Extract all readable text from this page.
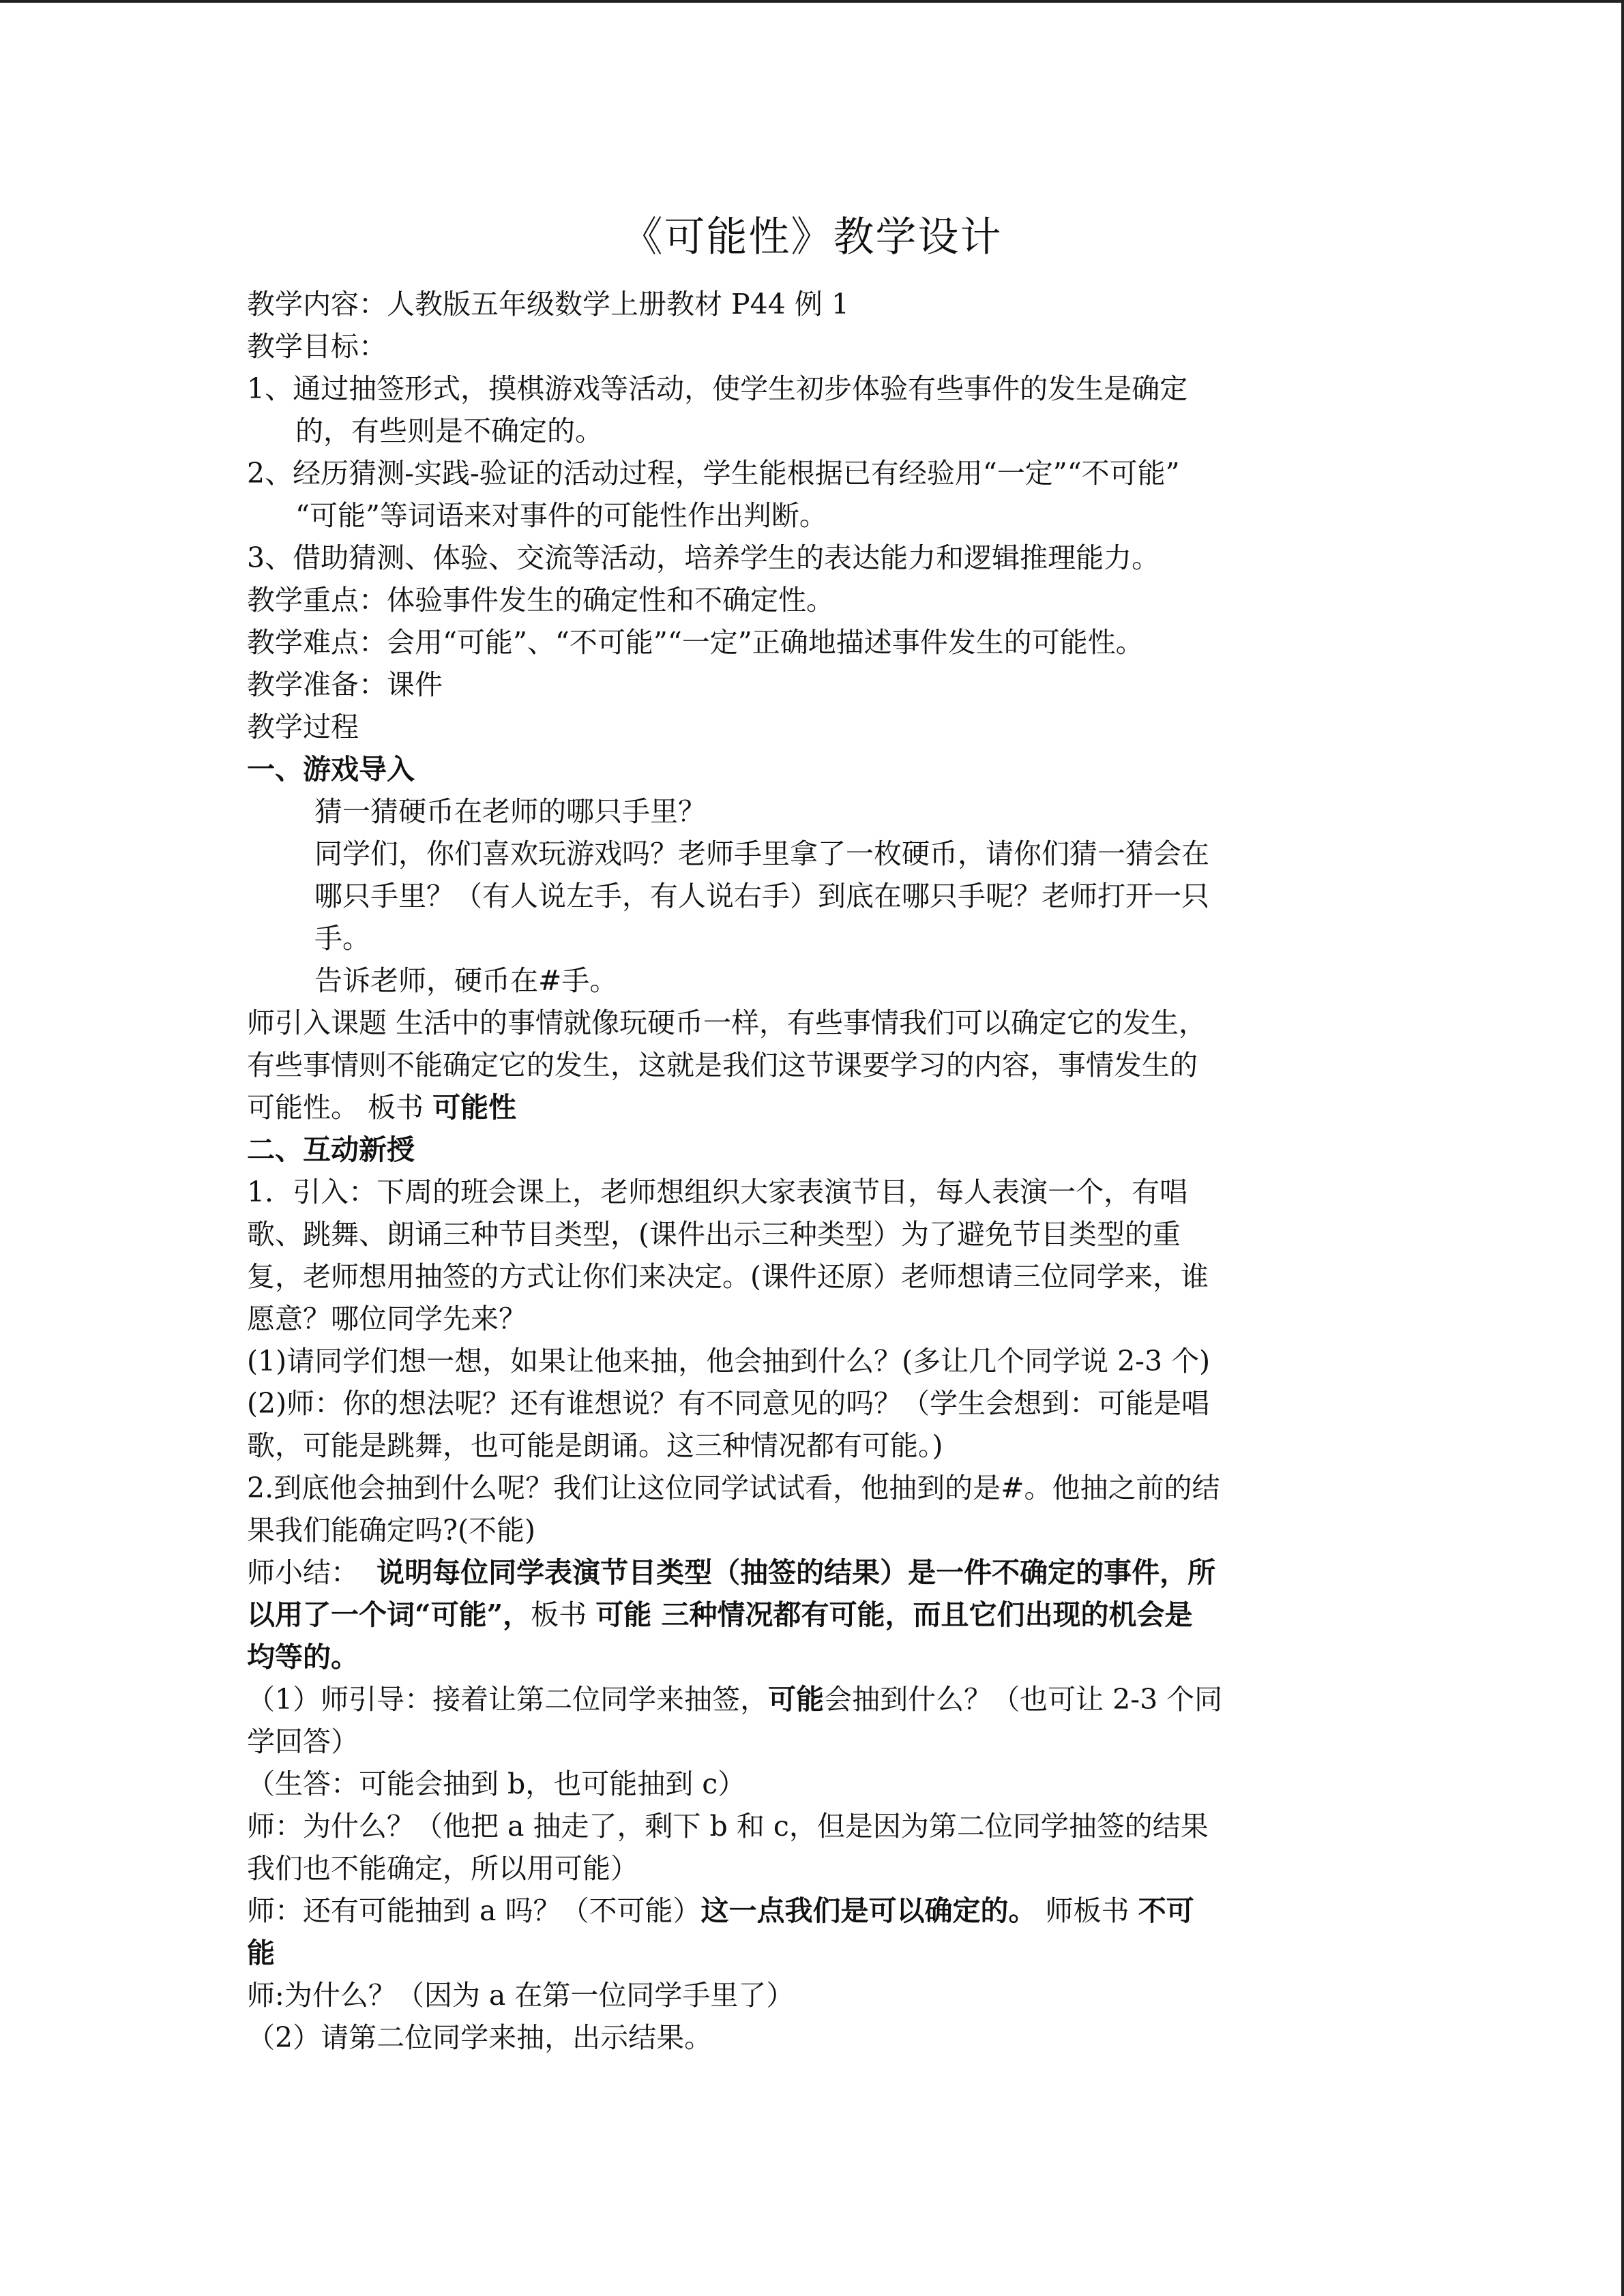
《可能性》教学设计

教学内容：人教版五年级数学上册教材 P44 例 1

教学目标：

1、通过抽签形式，摸棋游戏等活动，使学生初步体验有些事件的发生是确定

的，有些则是不确定的。

2、经历猜测-实践-验证的活动过程，学生能根据已有经验用“一定”“不可能”

“可能”等词语来对事件的可能性作出判断。

3、借助猜测、体验、交流等活动，培养学生的表达能力和逻辑推理能力。

教学重点：体验事件发生的确定性和不确定性。

教学难点：会用“可能”、“不可能”“一定”正确地描述事件发生的可能性。

教学准备：课件

教学过程

一、游戏导入

猜一猜硬币在老师的哪只手里？

同学们，你们喜欢玩游戏吗？老师手里拿了一枚硬币，请你们猜一猜会在

哪只手里？（有人说左手，有人说右手）到底在哪只手呢？老师打开一只

手。

告诉老师，硬币在#手。

师引入课题 生活中的事情就像玩硬币一样，有些事情我们可以确定它的发生，

有些事情则不能确定它的发生，这就是我们这节课要学习的内容，事情发生的

可能性。 板书 可能性

二、互动新授

1．引入：下周的班会课上，老师想组织大家表演节目，每人表演一个，有唱

歌、跳舞、朗诵三种节目类型，(课件出示三种类型）为了避免节目类型的重

复，老师想用抽签的方式让你们来决定。(课件还原）老师想请三位同学来，谁

愿意？哪位同学先来？

(1)请同学们想一想，如果让他来抽，他会抽到什么？(多让几个同学说 2-3 个)

(2)师：你的想法呢？还有谁想说？有不同意见的吗？（学生会想到：可能是唱

歌，可能是跳舞，也可能是朗诵。这三种情况都有可能。)

2.到底他会抽到什么呢？我们让这位同学试试看，他抽到的是#。他抽之前的结

果我们能确定吗?(不能)

师小结：  说明每位同学表演节目类型（抽签的结果）是一件不确定的事件，所

以用了一个词“可能”，板书 可能 三种情况都有可能，而且它们出现的机会是

均等的。

（1）师引导：接着让第二位同学来抽签，可能会抽到什么？（也可让 2-3 个同

学回答）

（生答：可能会抽到 b，也可能抽到 c）

师：为什么？（他把 a 抽走了，剩下 b 和 c，但是因为第二位同学抽签的结果

我们也不能确定，所以用可能）

师：还有可能抽到 a 吗？（不可能）这一点我们是可以确定的。 师板书 不可

能

师:为什么？（因为 a 在第一位同学手里了）

（2）请第二位同学来抽，出示结果。
